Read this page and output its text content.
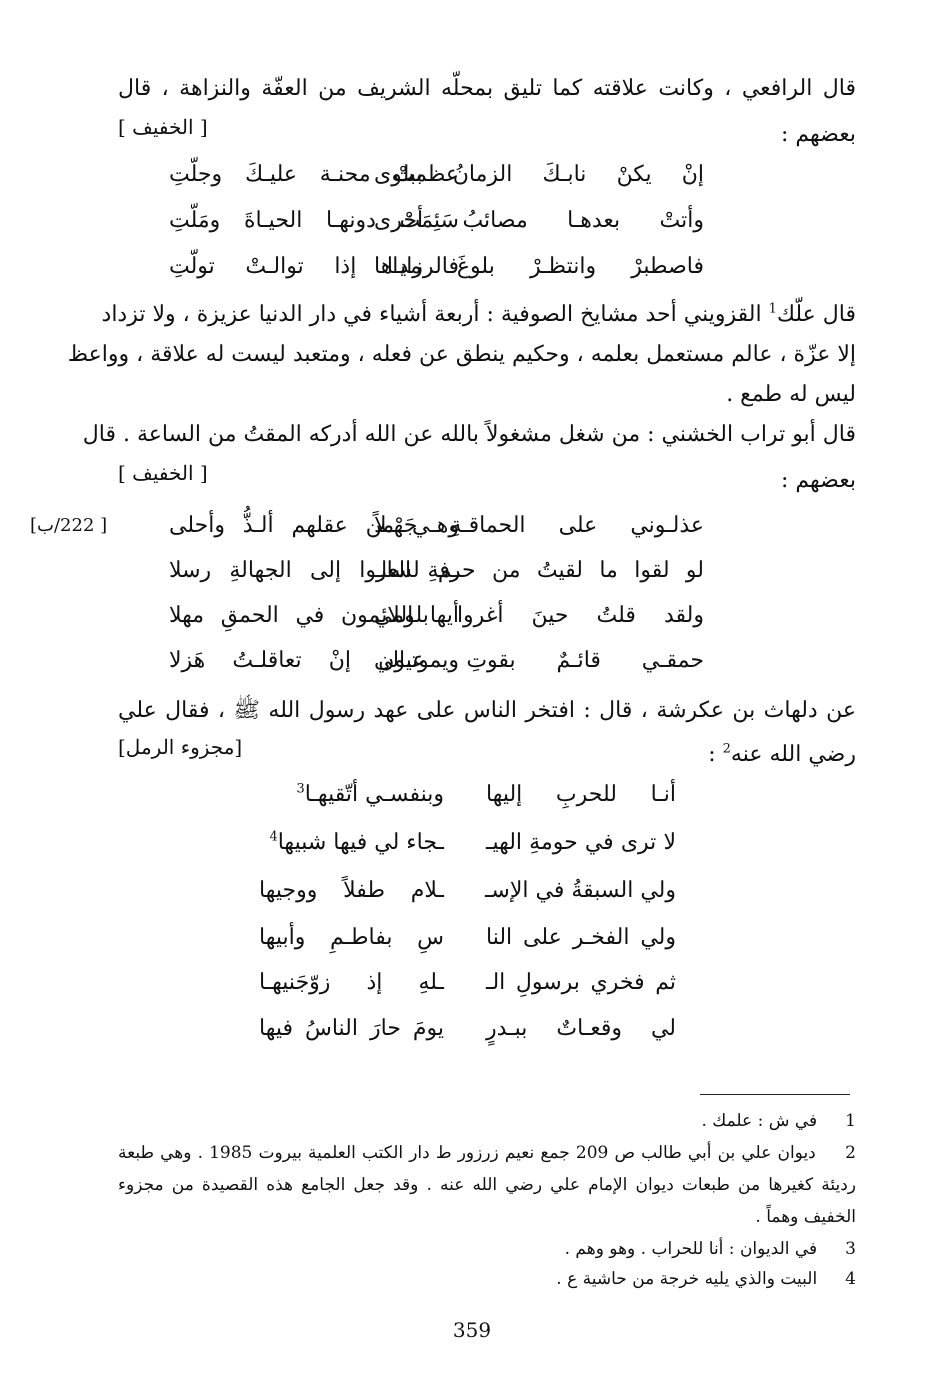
قال الرافعي ، وكانت علاقته كما تليق بمحلّه الشريف من العفّة والنزاهة ، قال
بعضهم :
[ الخفيف ]
إنْ يكنْ نابـكَ الزمانُ ببلوى
عظمتْ محنـة عليـكَ وجلّتِ
وأتتْ بعدهـا مصائبُ أخرى
سَئِمَتْ دونهـا الحيـاةَ ومَلّتِ
فاصطبرْ وانتظـرْ بلوغَ مداها
فالرزايـا إذا توالـتْ تولّتِ
قال علّك$^1$ القزويني أحد مشايخ الصوفية : أربعة أشياء في دار الدنيا عزيزة ، ولا تزداد
إلا عزّة ، عالم مستعمل بعلمه ، وحكيم ينطق عن فعله ، ومتعبد ليست له علاقة ، وواعظ
ليس له طمع .
قال أبو تراب الخشني : من شغل مشغولاً بالله عن الله أدركه المقتُ من الساعة . قال
بعضهم :
[ الخفيف ]
[ 222/ب]	عذلـوني على الحماقـةِ جَهْـلاً
وهـي من عقلهم ألـذُّ وأحلى
لو لقوا ما لقيتُ من حرفةِ العلـ
ـم لساروا إلى الجهالةِ رسلا
ولقد قلتُ حينَ أغروا بلومي
أيها اللائمون في الحمقِ مهلا
حمقـي قائـمٌ بقوتِ عيالي
ويموتـون إنْ تعاقلـتُ هَزلا
عن دلهاث بن عكرشة ، قال : افتخر الناس على عهد رسول الله ﷺ ، فقال علي
رضي الله عنه$^2$ :
[مجزوء الرمل]
أنـا للحربِ إليها
وبنفسـي أتّقيهـا$^3$
لا ترى في حومةِ الهيـ
ـجاء لي فيها شبيها$^4$
ولي السبقةُ في الإسـ
ـلام طفلاً ووجيها
ولي الفخـر على النا
سِ بفاطـمِ وأبيها
ثم فخري برسولِ الـ
ـلهِ إذ زوّجَنيهـا
لي وقعـاتٌ ببـدرٍ
يومَ حارَ الناسُ فيها
1  في ش : علمك .
2  ديوان علي بن أبي طالب ص 209 جمع نعيم زرزور ط دار الكتب العلمية بيروت 1985 . وهي طبعة
رديئة كغيرها من طبعات ديوان الإمام علي رضي الله عنه . وقد جعل الجامع هذه القصيدة من مجزوء
الخفيف وهماً .
3  في الديوان : أنا للحراب . وهو وهم .
4  البيت والذي يليه خرجة من حاشية ع .
359
